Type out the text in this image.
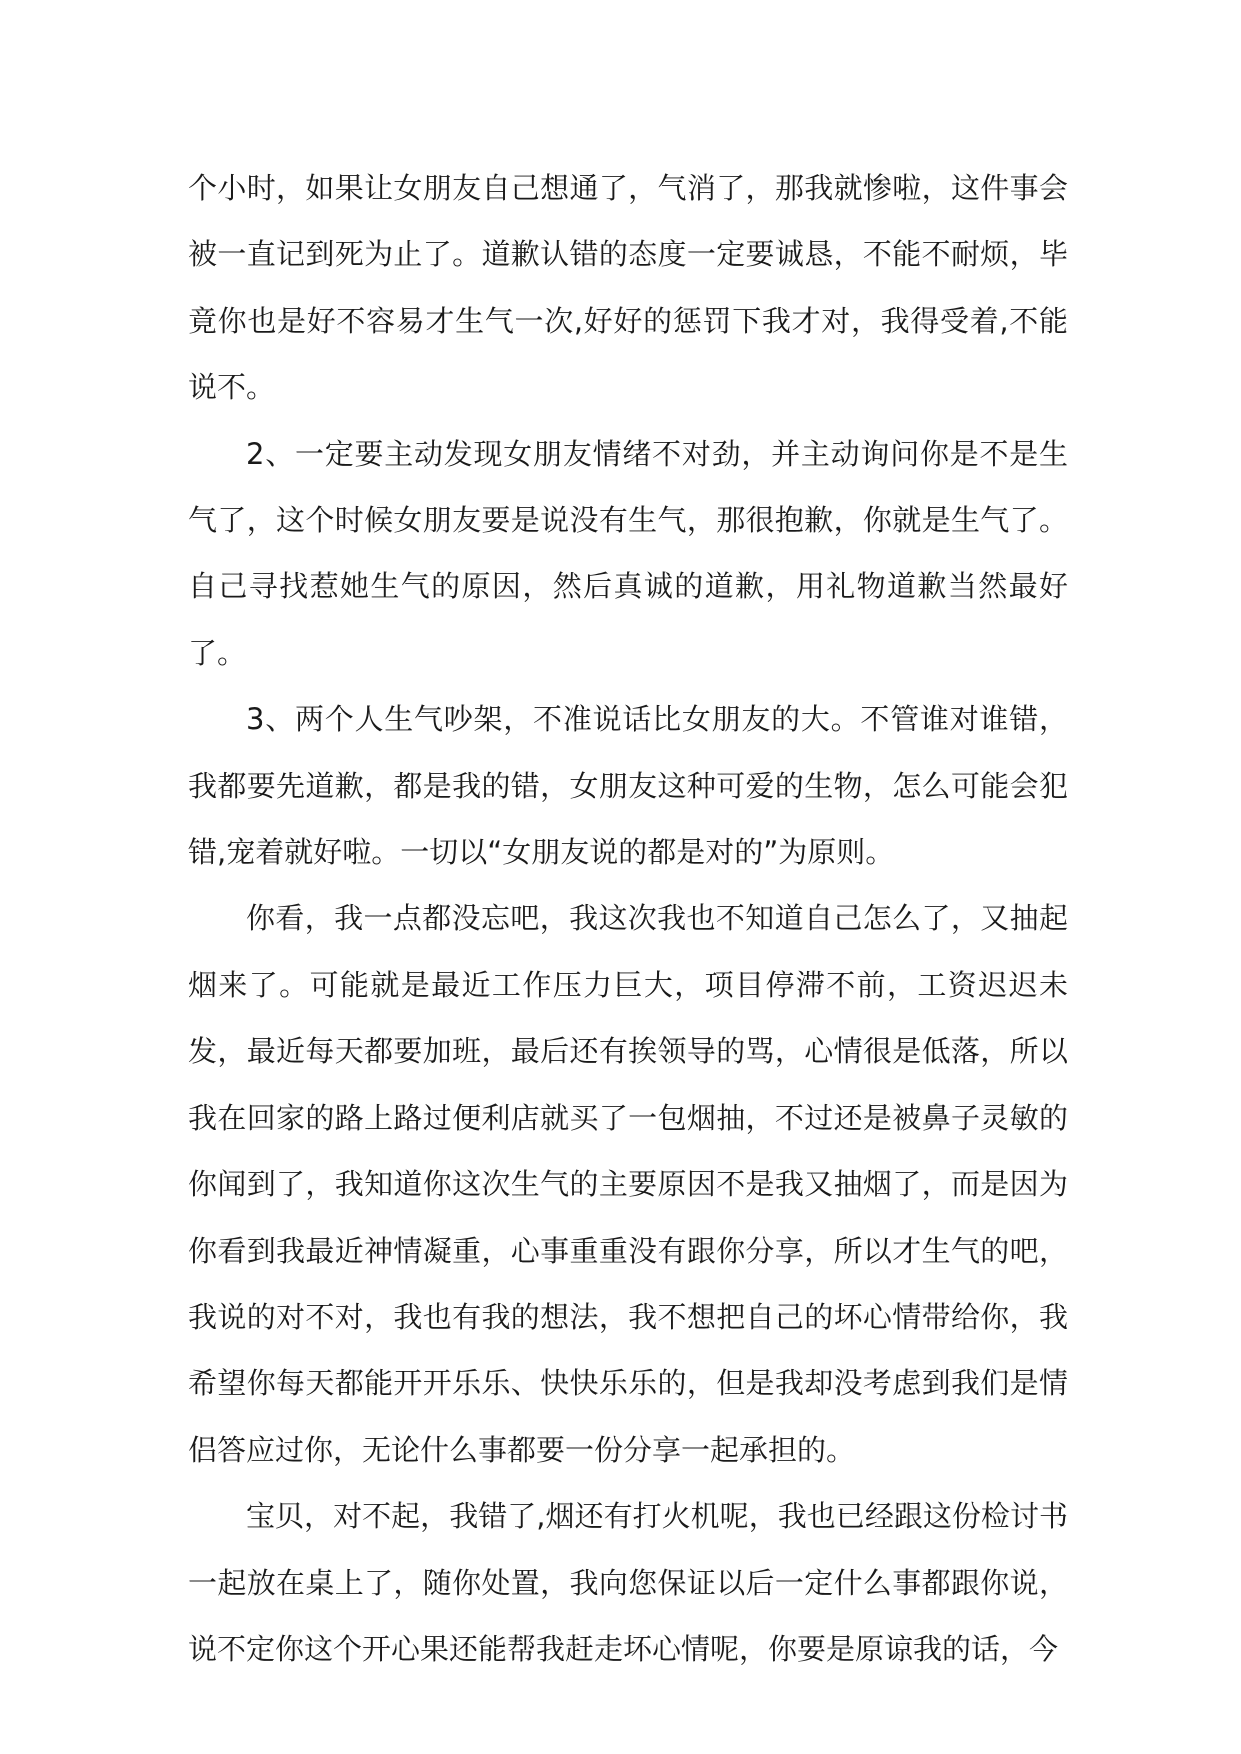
个小时，如果让女朋友自己想通了，气消了，那我就惨啦，这件事会被一直记到死为止了。道歉认错的态度一定要诚恳，不能不耐烦，毕竟你也是好不容易才生气一次,好好的惩罚下我才对，我得受着,不能说不。

2、一定要主动发现女朋友情绪不对劲，并主动询问你是不是生气了，这个时候女朋友要是说没有生气，那很抱歉，你就是生气了。自己寻找惹她生气的原因，然后真诚的道歉，用礼物道歉当然最好了。

3、两个人生气吵架，不准说话比女朋友的大。不管谁对谁错，我都要先道歉，都是我的错，女朋友这种可爱的生物，怎么可能会犯错,宠着就好啦。一切以“女朋友说的都是对的”为原则。

你看，我一点都没忘吧，我这次我也不知道自己怎么了，又抽起烟来了。可能就是最近工作压力巨大，项目停滞不前，工资迟迟未发，最近每天都要加班，最后还有挨领导的骂，心情很是低落，所以我在回家的路上路过便利店就买了一包烟抽，不过还是被鼻子灵敏的你闻到了，我知道你这次生气的主要原因不是我又抽烟了，而是因为你看到我最近神情凝重，心事重重没有跟你分享，所以才生气的吧，我说的对不对，我也有我的想法，我不想把自己的坏心情带给你，我希望你每天都能开开乐乐、快快乐乐的，但是我却没考虑到我们是情侣答应过你，无论什么事都要一份分享一起承担的。

宝贝，对不起，我错了,烟还有打火机呢，我也已经跟这份检讨书一起放在桌上了，随你处置，我向您保证以后一定什么事都跟你说，说不定你这个开心果还能帮我赶走坏心情呢，你要是原谅我的话，今
